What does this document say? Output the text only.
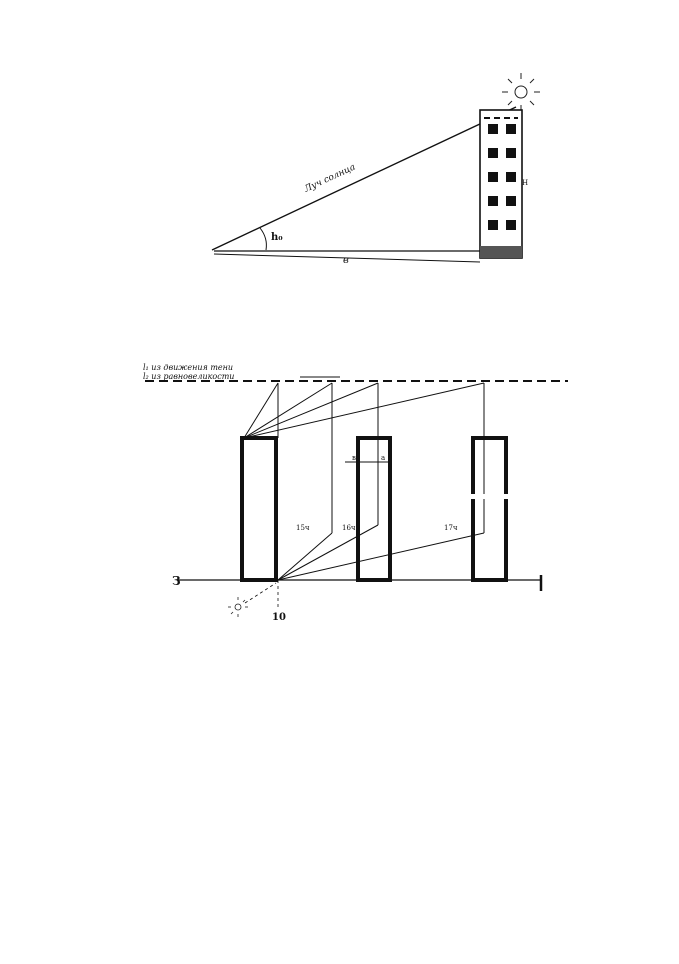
Луч солнца
h₀
в
H
l₁ из движения тени
l₂ из равновеликости
З
в	а
15ч	16ч	17ч
10
